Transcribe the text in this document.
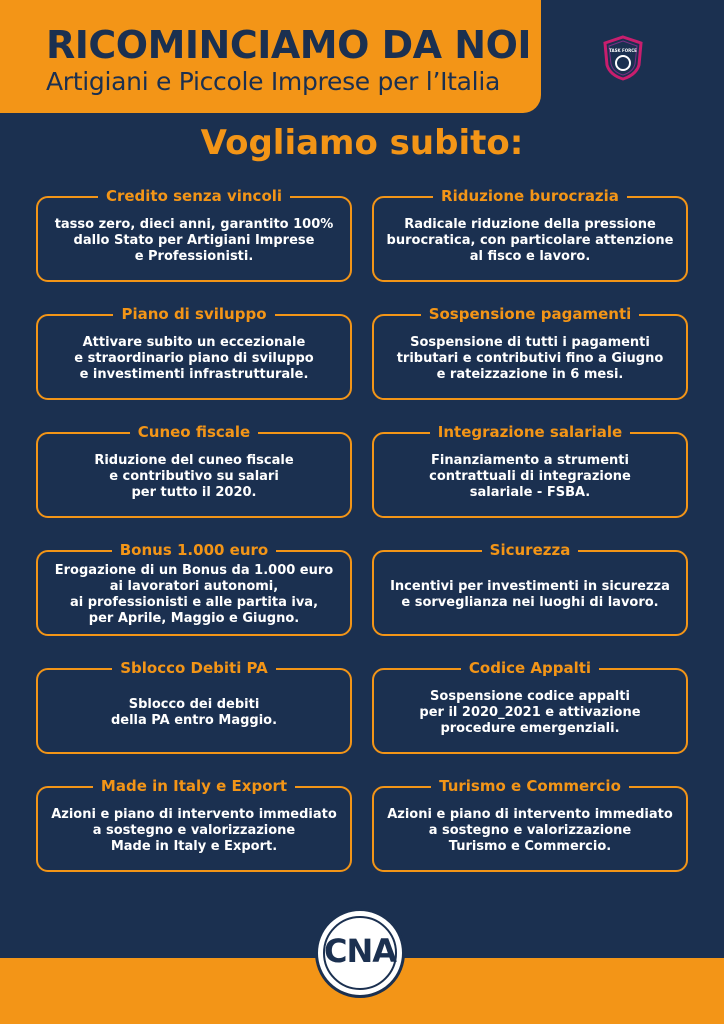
RICOMINCIAMO DA NOI
Artigiani e Piccole Imprese per l’Italia
TASK FORCE
Vogliamo subito:
Credito senza vincoli
tasso zero, dieci anni, garantito 100%
dallo Stato per Artigiani Imprese
e Professionisti.
Riduzione burocrazia
Radicale riduzione della pressione
burocratica, con particolare attenzione
al fisco e lavoro.
Piano di sviluppo
Attivare subito un eccezionale
e straordinario piano di sviluppo
e investimenti infrastrutturale.
Sospensione pagamenti
Sospensione di tutti i pagamenti
tributari e contributivi fino a Giugno
e rateizzazione in 6 mesi.
Cuneo fiscale
Riduzione del cuneo fiscale
e contributivo su salari
per tutto il 2020.
Integrazione salariale
Finanziamento a strumenti
contrattuali di integrazione
salariale - FSBA.
Bonus 1.000 euro
Erogazione di un Bonus da 1.000 euro
ai lavoratori autonomi,
ai professionisti e alle partita iva,
per Aprile, Maggio e Giugno.
Sicurezza
Incentivi per investimenti in sicurezza
e sorveglianza nei luoghi di lavoro.
Sblocco Debiti PA
Sblocco dei debiti
della PA entro Maggio.
Codice Appalti
Sospensione codice appalti
per il 2020_2021 e attivazione
procedure emergenziali.
Made in Italy e Export
Azioni e piano di intervento immediato
a sostegno e valorizzazione
Made in Italy e Export.
Turismo e Commercio
Azioni e piano di intervento immediato
a sostegno e valorizzazione
Turismo e Commercio.
CNA
